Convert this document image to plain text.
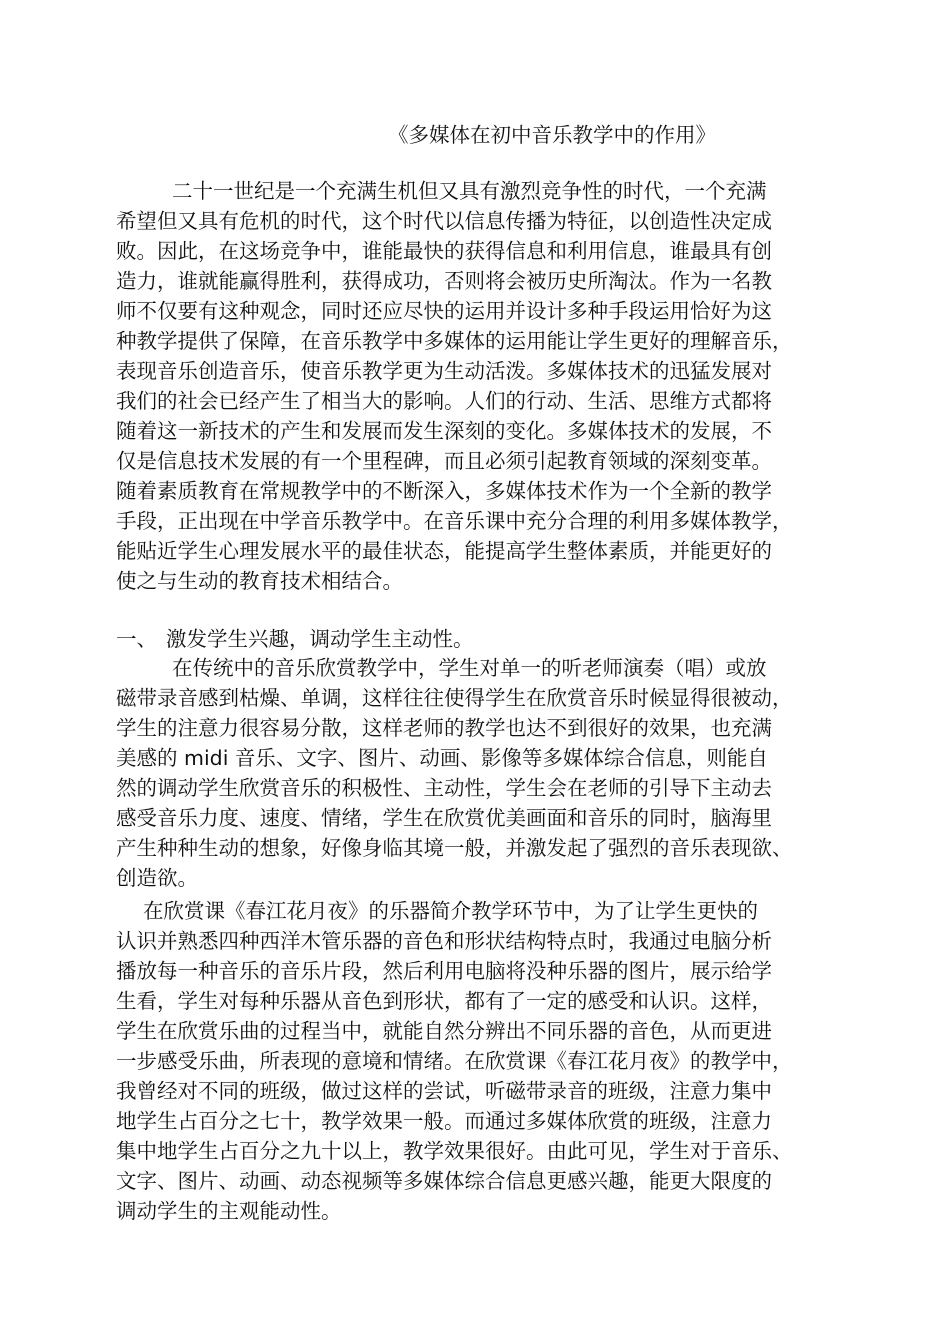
《多媒体在初中音乐教学中的作用》
二十一世纪是一个充满生机但又具有激烈竞争性的时代，一个充满
希望但又具有危机的时代，这个时代以信息传播为特征，以创造性决定成
败。因此，在这场竞争中，谁能最快的获得信息和利用信息，谁最具有创
造力，谁就能赢得胜利，获得成功，否则将会被历史所淘汰。作为一名教
师不仅要有这种观念，同时还应尽快的运用并设计多种手段运用恰好为这
种教学提供了保障，在音乐教学中多媒体的运用能让学生更好的理解音乐，
表现音乐创造音乐，使音乐教学更为生动活泼。多媒体技术的迅猛发展对
我们的社会已经产生了相当大的影响。人们的行动、生活、思维方式都将
随着这一新技术的产生和发展而发生深刻的变化。多媒体技术的发展，不
仅是信息技术发展的有一个里程碑，而且必须引起教育领域的深刻变革。
随着素质教育在常规教学中的不断深入，多媒体技术作为一个全新的教学
手段，正出现在中学音乐教学中。在音乐课中充分合理的利用多媒体教学，
能贴近学生心理发展水平的最佳状态，能提高学生整体素质，并能更好的
使之与生动的教育技术相结合。
一、 激发学生兴趣，调动学生主动性。
在传统中的音乐欣赏教学中，学生对单一的听老师演奏（唱）或放
磁带录音感到枯燥、单调，这样往往使得学生在欣赏音乐时候显得很被动，
学生的注意力很容易分散，这样老师的教学也达不到很好的效果，也充满
美感的 midi 音乐、文字、图片、动画、影像等多媒体综合信息，则能自
然的调动学生欣赏音乐的积极性、主动性，学生会在老师的引导下主动去
感受音乐力度、速度、情绪，学生在欣赏优美画面和音乐的同时，脑海里
产生种种生动的想象，好像身临其境一般，并激发起了强烈的音乐表现欲、
创造欲。
在欣赏课《春江花月夜》的乐器简介教学环节中，为了让学生更快的
认识并熟悉四种西洋木管乐器的音色和形状结构特点时，我通过电脑分析
播放每一种音乐的音乐片段，然后利用电脑将没种乐器的图片，展示给学
生看，学生对每种乐器从音色到形状，都有了一定的感受和认识。这样，
学生在欣赏乐曲的过程当中，就能自然分辨出不同乐器的音色，从而更进
一步感受乐曲，所表现的意境和情绪。在欣赏课《春江花月夜》的教学中，
我曾经对不同的班级，做过这样的尝试，听磁带录音的班级，注意力集中
地学生占百分之七十，教学效果一般。而通过多媒体欣赏的班级，注意力
集中地学生占百分之九十以上，教学效果很好。由此可见，学生对于音乐、
文字、图片、动画、动态视频等多媒体综合信息更感兴趣，能更大限度的
调动学生的主观能动性。
